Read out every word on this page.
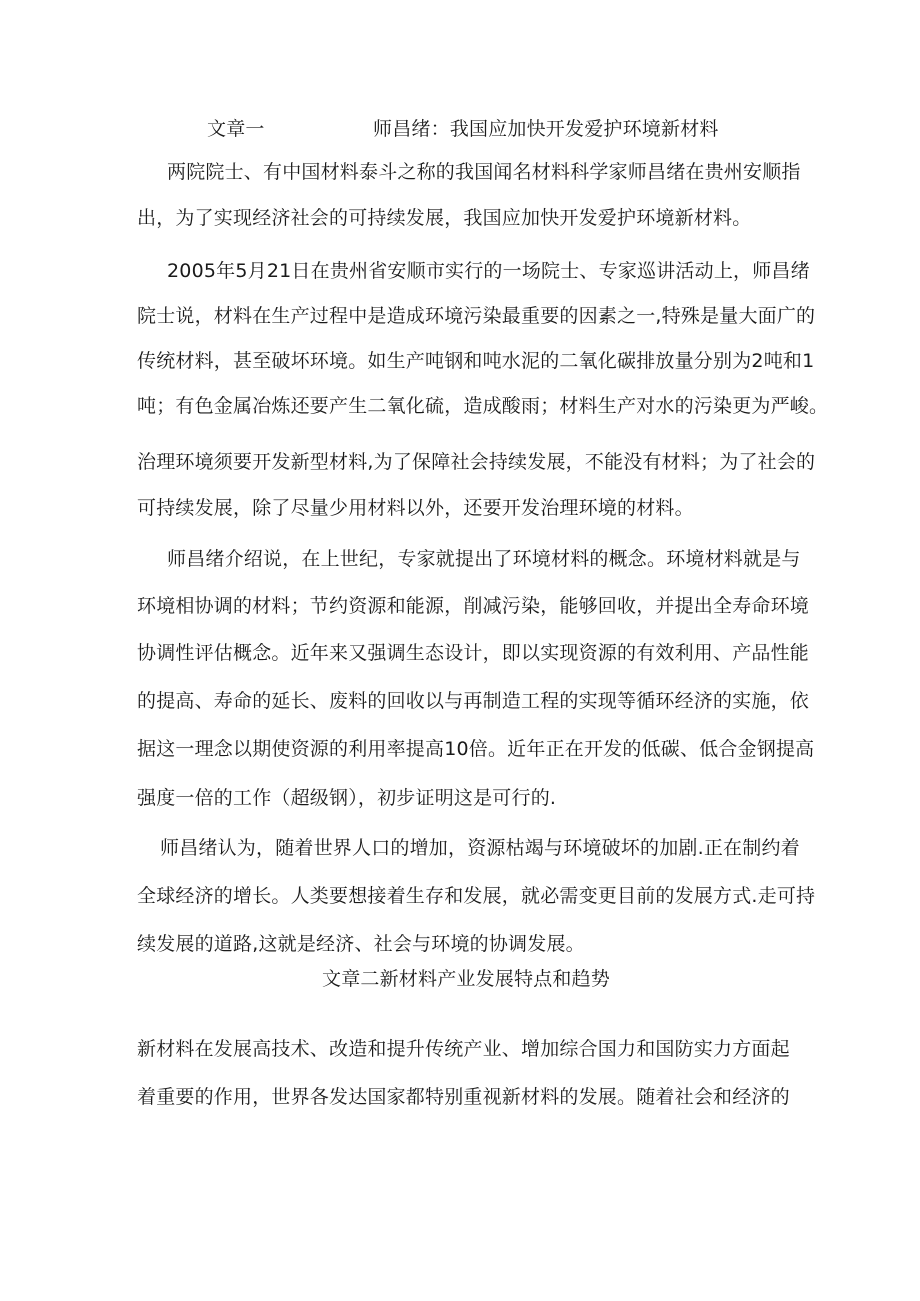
文章一	师昌绪：我国应加快开发爱护环境新材料
两院院士、有中国材料泰斗之称的我国闻名材料科学家师昌绪在贵州安顺指
出，为了实现经济社会的可持续发展，我国应加快开发爱护环境新材料。
2005年5月21日在贵州省安顺市实行的一场院士、专家巡讲活动上，师昌绪
院士说，材料在生产过程中是造成环境污染最重要的因素之一,特殊是量大面广的
传统材料，甚至破坏环境。如生产吨钢和吨水泥的二氧化碳排放量分别为2吨和1
吨；有色金属冶炼还要产生二氧化硫，造成酸雨；材料生产对水的污染更为严峻。
治理环境须要开发新型材料,为了保障社会持续发展，不能没有材料；为了社会的
可持续发展，除了尽量少用材料以外，还要开发治理环境的材料。
师昌绪介绍说，在上世纪，专家就提出了环境材料的概念。环境材料就是与
环境相协调的材料；节约资源和能源，削减污染，能够回收，并提出全寿命环境
协调性评估概念。近年来又强调生态设计，即以实现资源的有效利用、产品性能
的提高、寿命的延长、废料的回收以与再制造工程的实现等循环经济的实施，依
据这一理念以期使资源的利用率提高10倍。近年正在开发的低碳、低合金钢提高
强度一倍的工作（超级钢），初步证明这是可行的.
师昌绪认为，随着世界人口的增加，资源枯竭与环境破坏的加剧.正在制约着
全球经济的增长。人类要想接着生存和发展，就必需变更目前的发展方式.走可持
续发展的道路,这就是经济、社会与环境的协调发展。
文章二新材料产业发展特点和趋势
新材料在发展高技术、改造和提升传统产业、增加综合国力和国防实力方面起
着重要的作用，世界各发达国家都特别重视新材料的发展。随着社会和经济的
